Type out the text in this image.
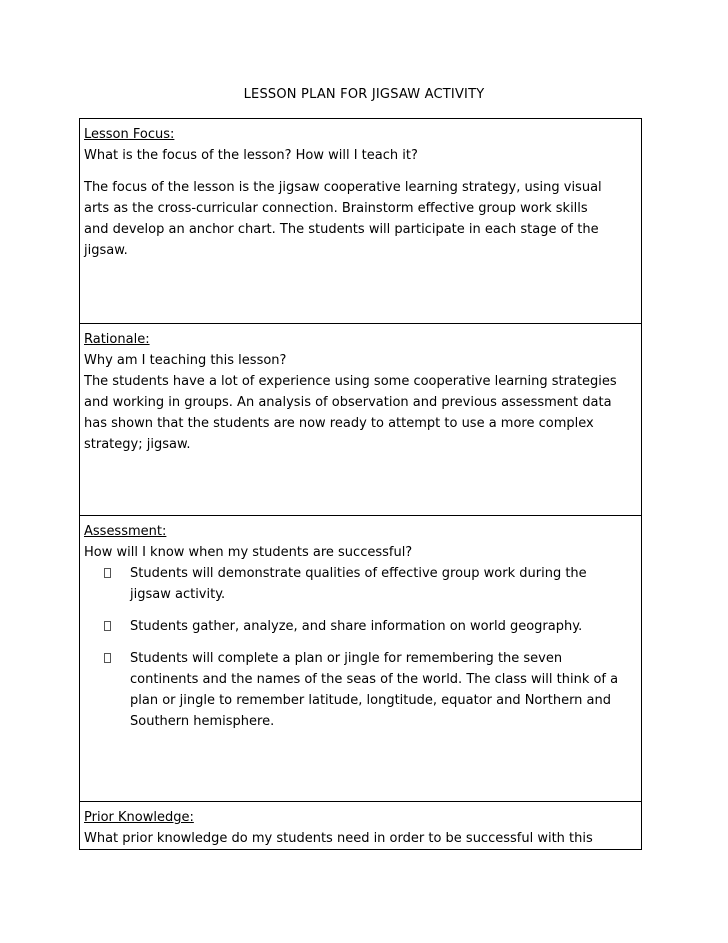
LESSON PLAN FOR JIGSAW ACTIVITY
Lesson Focus:
What is the focus of the lesson? How will I teach it?
The focus of the lesson is the jigsaw cooperative learning strategy, using visual
arts as the cross-curricular connection. Brainstorm effective group work skills
and develop an anchor chart. The students will participate in each stage of the
jigsaw.

Rationale:
Why am I teaching this lesson?
The students have a lot of experience using some cooperative learning strategies
and working in groups. An analysis of observation and previous assessment data
has shown that the students are now ready to attempt to use a more complex
strategy; jigsaw.

Assessment:
How will I know when my students are successful?
Students will demonstrate qualities of effective group work during the
jigsaw activity.
Students gather, analyze, and share information on world geography.
Students will complete a plan or jingle for remembering the seven
continents and the names of the seas of the world. The class will think of a
plan or jingle to remember latitude, longtitude, equator and Northern and
Southern hemisphere.

Prior Knowledge:
What prior knowledge do my students need in order to be successful with this
